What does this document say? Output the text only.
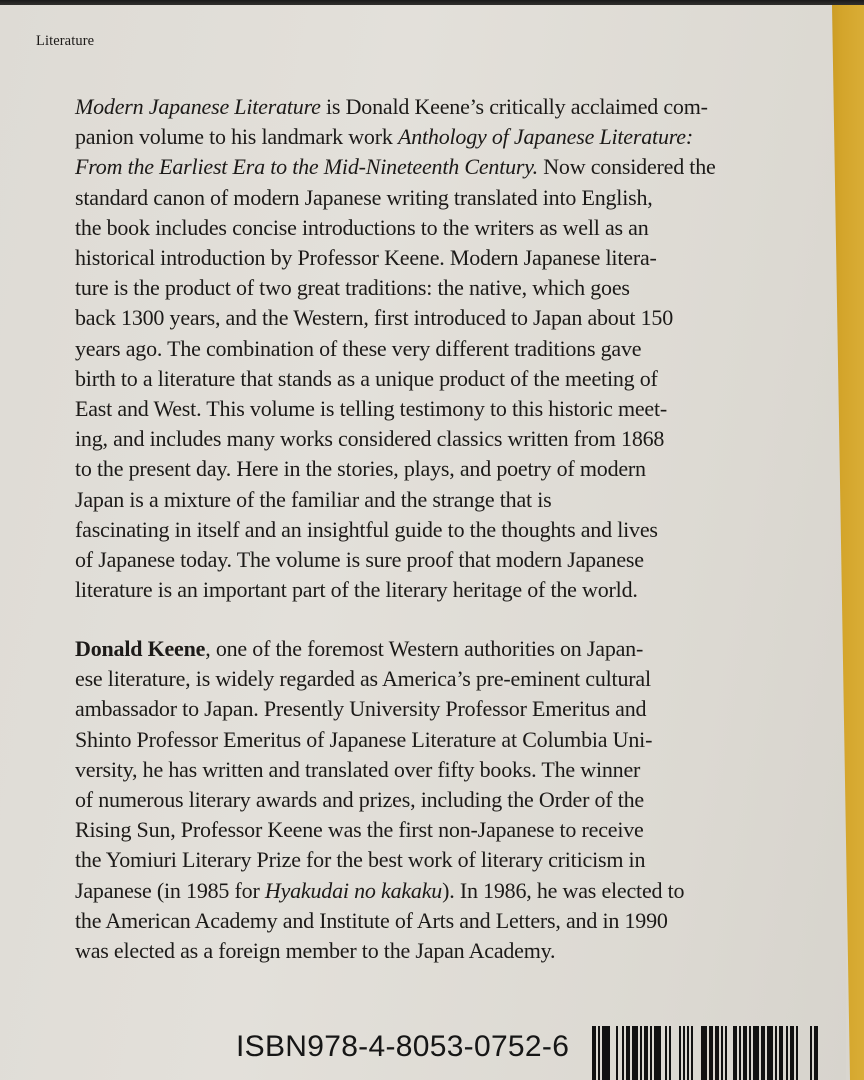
Literature
Modern Japanese Literature is Donald Keene’s critically acclaimed com-
panion volume to his landmark work Anthology of Japanese Literature:
From the Earliest Era to the Mid-Nineteenth Century. Now considered the
standard canon of modern Japanese writing translated into English,
the book includes concise introductions to the writers as well as an
historical introduction by Professor Keene. Modern Japanese litera-
ture is the product of two great traditions: the native, which goes
back 1300 years, and the Western, first introduced to Japan about 150
years ago. The combination of these very different traditions gave
birth to a literature that stands as a unique product of the meeting of
East and West. This volume is telling testimony to this historic meet-
ing, and includes many works considered classics written from 1868
to the present day. Here in the stories, plays, and poetry of modern
Japan is a mixture of the familiar and the strange that is
fascinating in itself and an insightful guide to the thoughts and lives
of Japanese today. The volume is sure proof that modern Japanese
literature is an important part of the literary heritage of the world.
Donald Keene, one of the foremost Western authorities on Japan-
ese literature, is widely regarded as America’s pre-eminent cultural
ambassador to Japan. Presently University Professor Emeritus and
Shinto Professor Emeritus of Japanese Literature at Columbia Uni-
versity, he has written and translated over fifty books. The winner
of numerous literary awards and prizes, including the Order of the
Rising Sun, Professor Keene was the first non-Japanese to receive
the Yomiuri Literary Prize for the best work of literary criticism in
Japanese (in 1985 for Hyakudai no kakaku). In 1986, he was elected to
the American Academy and Institute of Arts and Letters, and in 1990
was elected as a foreign member to the Japan Academy.
ISBN978-4-8053-0752-6
